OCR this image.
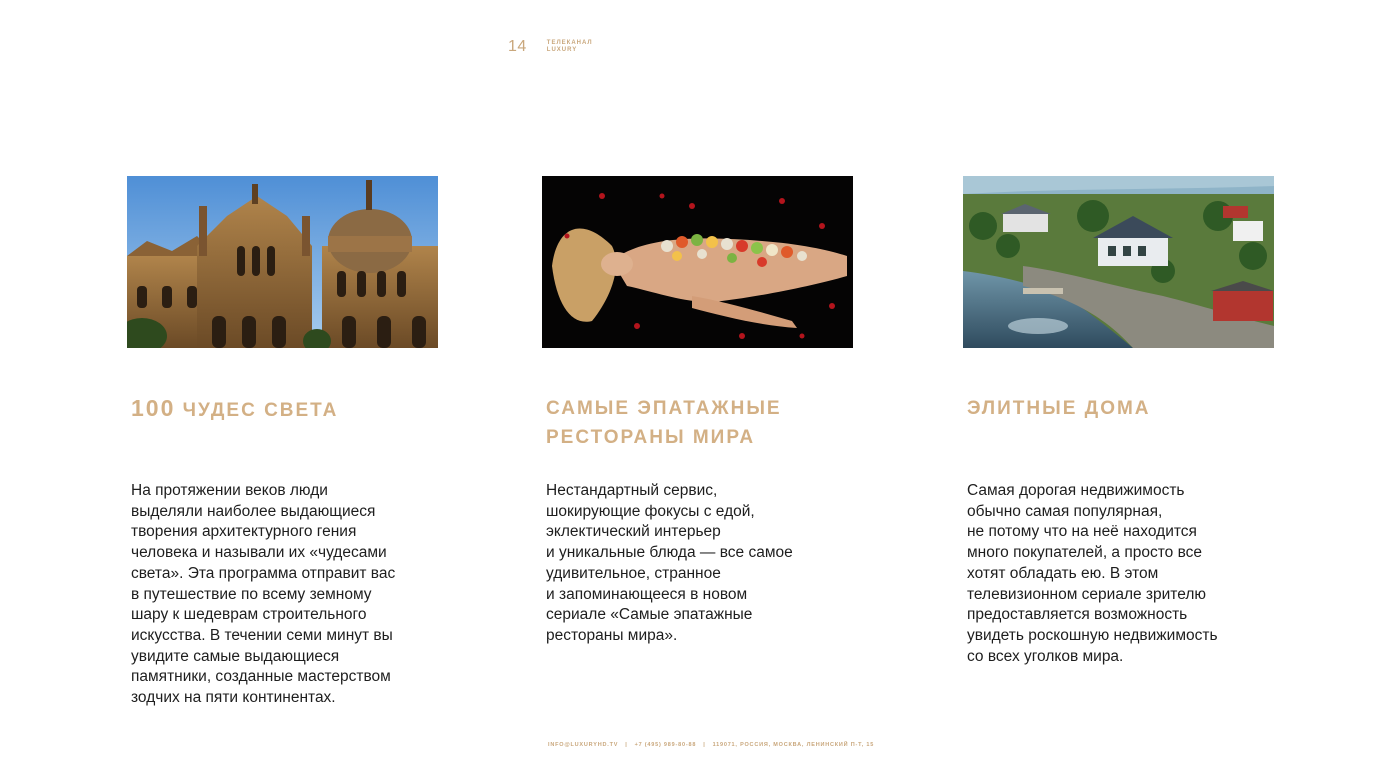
14	ТЕЛЕКАНАЛ
LUXURY
100 ЧУДЕС СВЕТА
На протяжении веков люди
выделяли наиболее выдающиеся
творения архитектурного гения
человека и называли их «чудесами
света». Эта программа отправит вас
в путешествие по всему земному
шару к шедеврам строительного
искусства. В течении семи минут вы
увидите самые выдающиеся
памятники, созданные мастерством
зодчих на пяти континентах.
САМЫЕ ЭПАТАЖНЫЕ РЕСТОРАНЫ МИРА
Нестандартный сервис,
шокирующие фокусы с едой,
эклектический интерьер
и уникальные блюда — все самое
удивительное, странное
и запоминающееся в новом
сериале «Самые эпатажные
рестораны мира».
ЭЛИТНЫЕ ДОМА
Самая дорогая недвижимость
обычно самая популярная,
не потому что на неё находится
много покупателей, а просто все
хотят обладать ею. В этом
телевизионном сериале зрителю
предоставляется возможность
увидеть роскошную недвижимость
со всех уголков мира.
INFO@LUXURYHD.TV | +7 (495) 989-80-88 | 119071, РОССИЯ, МОСКВА, ЛЕНИНСКИЙ П-Т, 15
